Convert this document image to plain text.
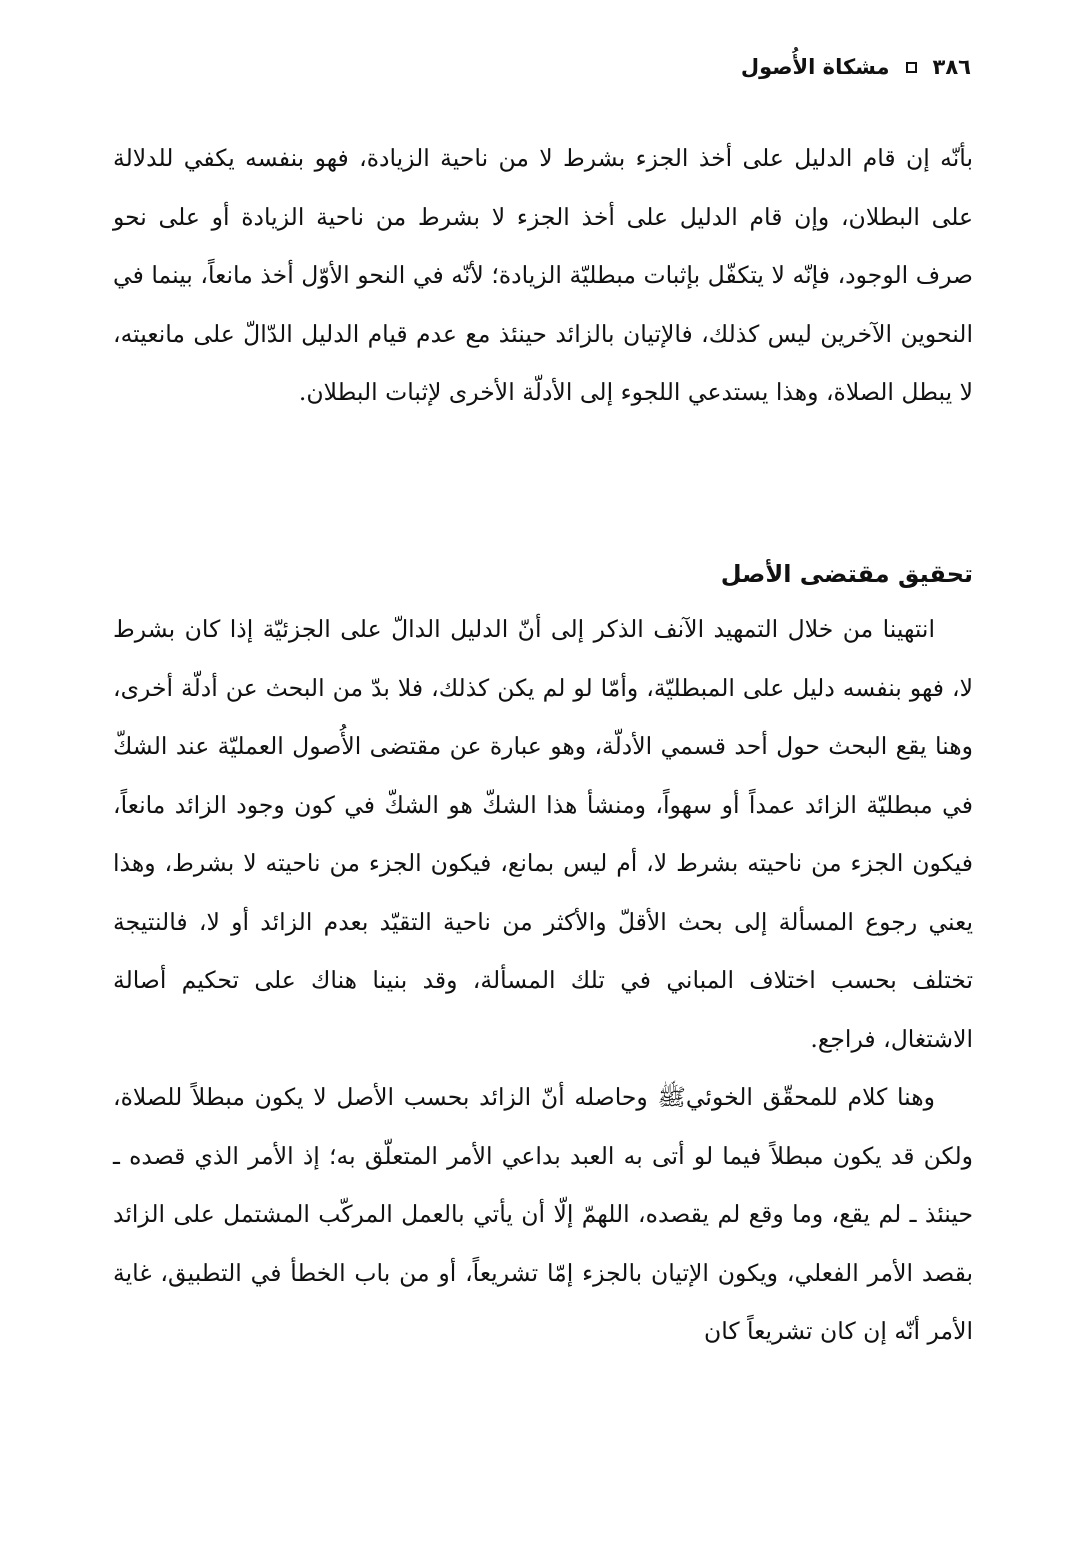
٣٨٦
مشكاة الأُصول

بأنّه إن قام الدليل على أخذ الجزء بشرط لا من ناحية الزيادة، فهو بنفسه يكفي للدلالة على البطلان، وإن قام الدليل على أخذ الجزء لا بشرط من ناحية الزيادة أو على نحو صرف الوجود، فإنّه لا يتكفّل بإثبات مبطليّة الزيادة؛ لأنّه في النحو الأوّل أخذ مانعاً، بينما في النحوين الآخرين ليس كذلك، فالإتيان بالزائد حينئذ مع عدم قيام الدليل الدّالّ على مانعيته، لا يبطل الصلاة، وهذا يستدعي اللجوء إلى الأدلّة الأخرى لإثبات البطلان.

تحقيق مقتضى الأصل

انتهينا من خلال التمهيد الآنف الذكر إلى أنّ الدليل الدالّ على الجزئيّة إذا كان بشرط لا، فهو بنفسه دليل على المبطليّة، وأمّا لو لم يكن كذلك، فلا بدّ من البحث عن أدلّة أخرى، وهنا يقع البحث حول أحد قسمي الأدلّة، وهو عبارة عن مقتضى الأُصول العمليّة عند الشكّ في مبطليّة الزائد عمداً أو سهواً، ومنشأ هذا الشكّ هو الشكّ في كون وجود الزائد مانعاً، فيكون الجزء من ناحيته بشرط لا، أم ليس بمانع، فيكون الجزء من ناحيته لا بشرط، وهذا يعني رجوع المسألة إلى بحث الأقلّ والأكثر من ناحية التقيّد بعدم الزائد أو لا، فالنتيجة تختلف بحسب اختلاف المباني في تلك المسألة، وقد بنينا هناك على تحكيم أصالة الاشتغال، فراجع.

وهنا كلام للمحقّق الخوئيﷺ وحاصله أنّ الزائد بحسب الأصل لا يكون مبطلاً للصلاة، ولكن قد يكون مبطلاً فيما لو أتى به العبد بداعي الأمر المتعلّق به؛ إذ الأمر الذي قصده ـ حينئذ ـ لم يقع، وما وقع لم يقصده، اللهمّ إلّا أن يأتي بالعمل المركّب المشتمل على الزائد بقصد الأمر الفعلي، ويكون الإتيان بالجزء إمّا تشريعاً، أو من باب الخطأ في التطبيق، غاية الأمر أنّه إن كان تشريعاً كان
